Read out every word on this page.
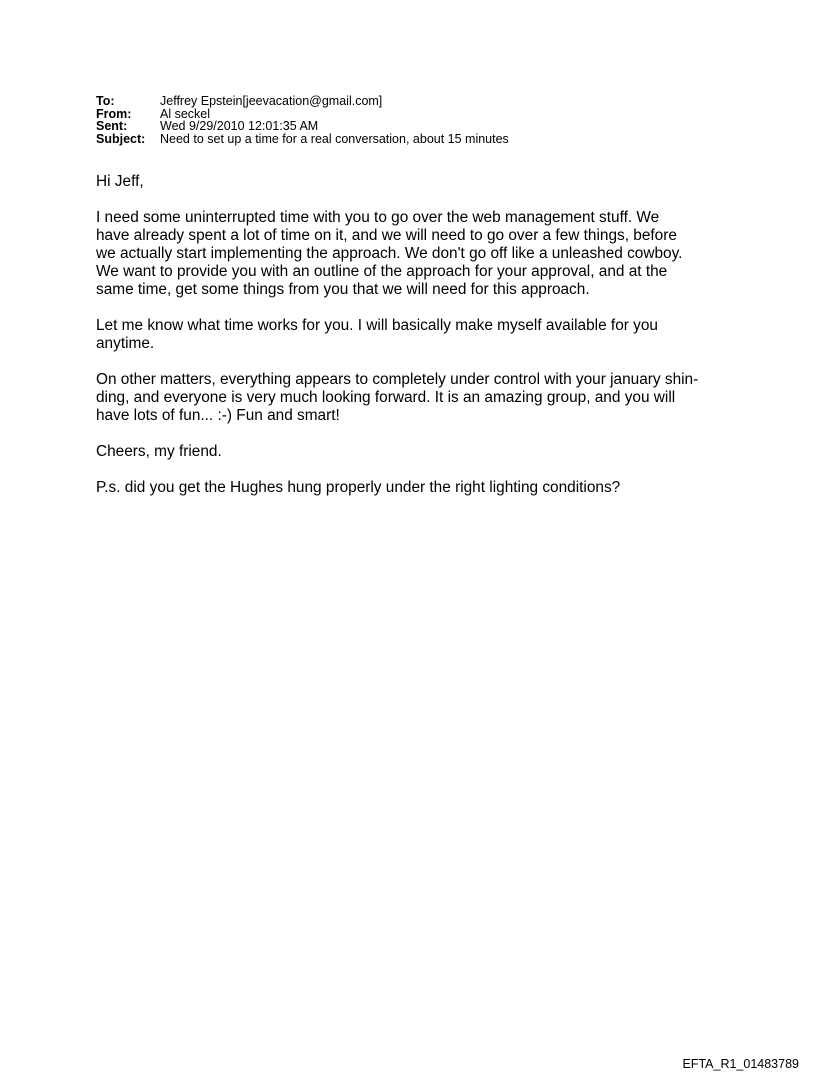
To:	Jeffrey Epstein[jeevacation@gmail.com]
From:	Al seckel
Sent:	Wed 9/29/2010 12:01:35 AM
Subject:	Need to set up a time for a real conversation, about 15 minutes

Hi Jeff,

I need some uninterrupted time with you to go over the web management stuff. We
have already spent a lot of time on it, and we will need to go over a few things, before
we actually start implementing the approach. We don't go off like a unleashed cowboy.
We want to provide you with an outline of the approach for your approval, and at the
same time, get some things from you that we will need for this approach.

Let me know what time works for you. I will basically make myself available for you
anytime.

On other matters, everything appears to completely under control with your january shin-
ding, and everyone is very much looking forward. It is an amazing group, and you will
have lots of fun... :-) Fun and smart!

Cheers, my friend.

P.s. did you get the Hughes hung properly under the right lighting conditions?

EFTA_R1_01483789
